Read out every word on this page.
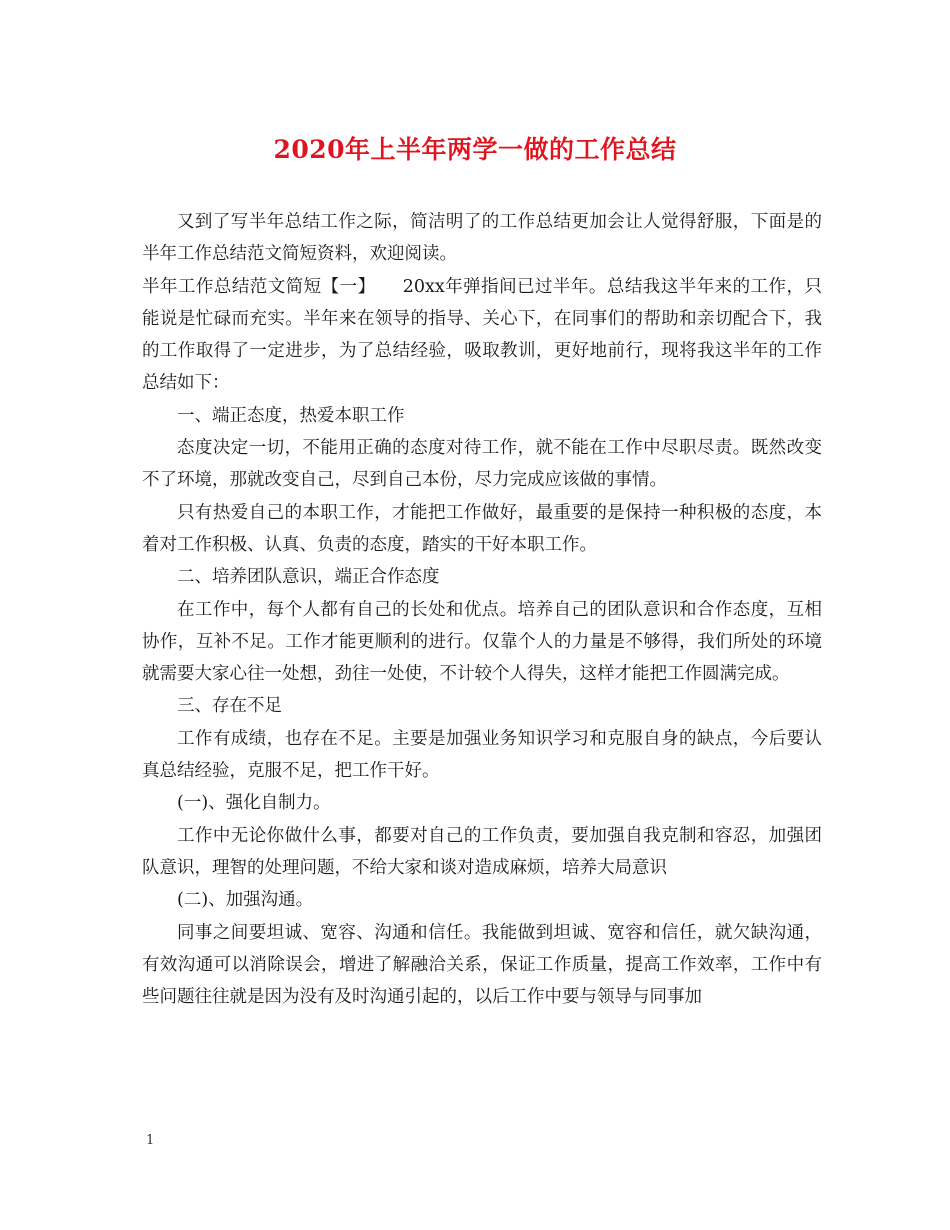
2020年上半年两学一做的工作总结

又到了写半年总结工作之际，简洁明了的工作总结更加会让人觉得舒服，下面是的半年工作总结范文简短资料，欢迎阅读。

半年工作总结范文简短【一】　　20xx年弹指间已过半年。总结我这半年来的工作，只能说是忙碌而充实。半年来在领导的指导、关心下，在同事们的帮助和亲切配合下，我的工作取得了一定进步，为了总结经验，吸取教训，更好地前行，现将我这半年的工作总结如下：

一、端正态度，热爱本职工作

态度决定一切，不能用正确的态度对待工作，就不能在工作中尽职尽责。既然改变不了环境，那就改变自己，尽到自己本份，尽力完成应该做的事情。

只有热爱自己的本职工作，才能把工作做好，最重要的是保持一种积极的态度，本着对工作积极、认真、负责的态度，踏实的干好本职工作。

二、培养团队意识，端正合作态度

在工作中，每个人都有自己的长处和优点。培养自己的团队意识和合作态度，互相协作，互补不足。工作才能更顺利的进行。仅靠个人的力量是不够得，我们所处的环境就需要大家心往一处想，劲往一处使，不计较个人得失，这样才能把工作圆满完成。

三、存在不足

工作有成绩，也存在不足。主要是加强业务知识学习和克服自身的缺点，今后要认真总结经验，克服不足，把工作干好。

(一)、强化自制力。

工作中无论你做什么事，都要对自己的工作负责，要加强自我克制和容忍，加强团队意识，理智的处理问题，不给大家和谈对造成麻烦，培养大局意识

(二)、加强沟通。

同事之间要坦诚、宽容、沟通和信任。我能做到坦诚、宽容和信任，就欠缺沟通，有效沟通可以消除误会，增进了解融洽关系，保证工作质量，提高工作效率，工作中有些问题往往就是因为没有及时沟通引起的，以后工作中要与领导与同事加

1
